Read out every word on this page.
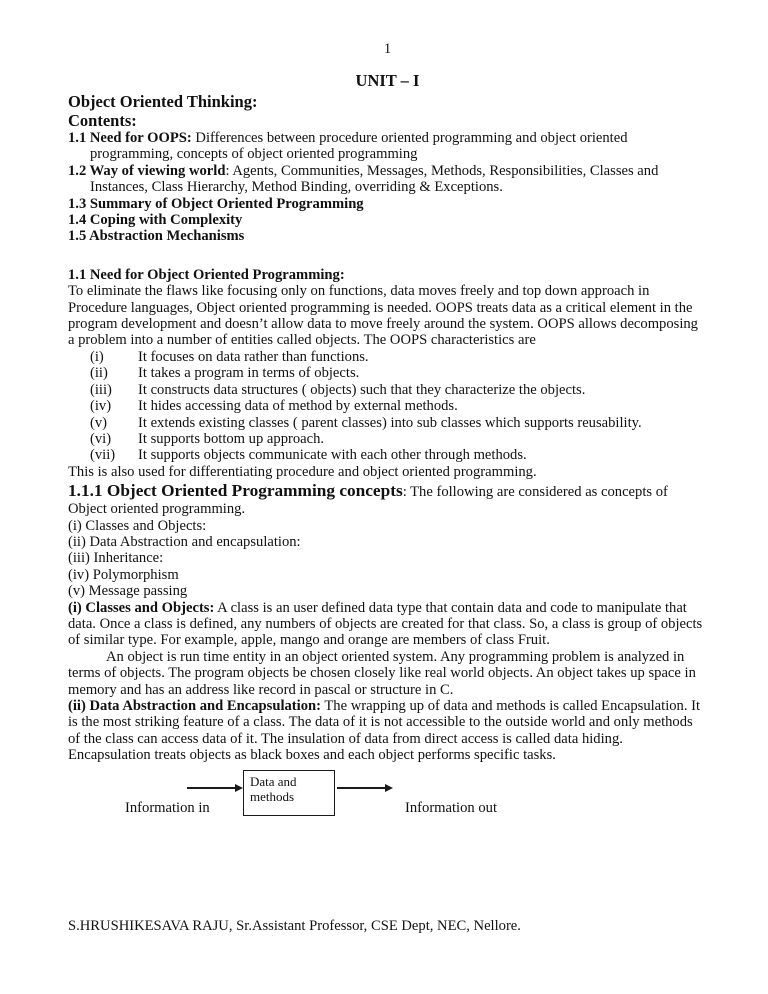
1
UNIT – I
Object Oriented Thinking:
Contents:

1.1 Need for OOPS: Differences between procedure oriented programming and object oriented programming, concepts of object oriented programming

1.2 Way of viewing world: Agents, Communities, Messages, Methods, Responsibilities, Classes and Instances, Class Hierarchy, Method Binding, overriding & Exceptions.

1.3 Summary of Object Oriented Programming

1.4 Coping with Complexity

1.5 Abstraction Mechanisms

1.1 Need for Object Oriented Programming:

To eliminate the flaws like focusing only on functions, data moves freely and top down approach in Procedure languages, Object oriented programming is needed. OOPS treats data as a critical element in the program development and doesn’t allow data to move freely around the system. OOPS allows decomposing a problem into a number of entities called objects. The OOPS characteristics are

(i)	It focuses on data rather than functions.
(ii)	It takes a program in terms of objects.
(iii)	It constructs data structures ( objects) such that they characterize the objects.
(iv)	It hides accessing data of method by external methods.
(v)	It extends existing classes ( parent classes) into sub classes which supports reusability.
(vi)	It supports bottom up approach.
(vii)	It supports objects communicate with each other through methods.

This is also used for differentiating procedure and object oriented programming.

1.1.1 Object Oriented Programming concepts: The following are considered as concepts of Object oriented programming.

(i) Classes and Objects:

(ii) Data Abstraction and encapsulation:

(iii) Inheritance:

(iv) Polymorphism

(v) Message passing

(i) Classes and Objects: A class is an user defined data type that contain data and code to manipulate that data. Once a class is defined, any numbers of objects are created for that class. So, a class is group of objects of similar type. For example, apple, mango and orange are members of class Fruit.

An object is run time entity in an object oriented system. Any programming problem is analyzed in terms of objects. The program objects be chosen closely like real world objects. An object takes up space in memory and has an address like record in pascal or structure in C.

(ii) Data Abstraction and Encapsulation: The wrapping up of data and methods is called Encapsulation. It is the most striking feature of a class. The data of it is not accessible to the outside world and only methods of the class can access data of it. The insulation of data from direct access is called data hiding. Encapsulation treats objects as black boxes and each object performs specific tasks.

Data and methods
Information in	Information out
S.HRUSHIKESAVA RAJU, Sr.Assistant Professor, CSE Dept, NEC, Nellore.
